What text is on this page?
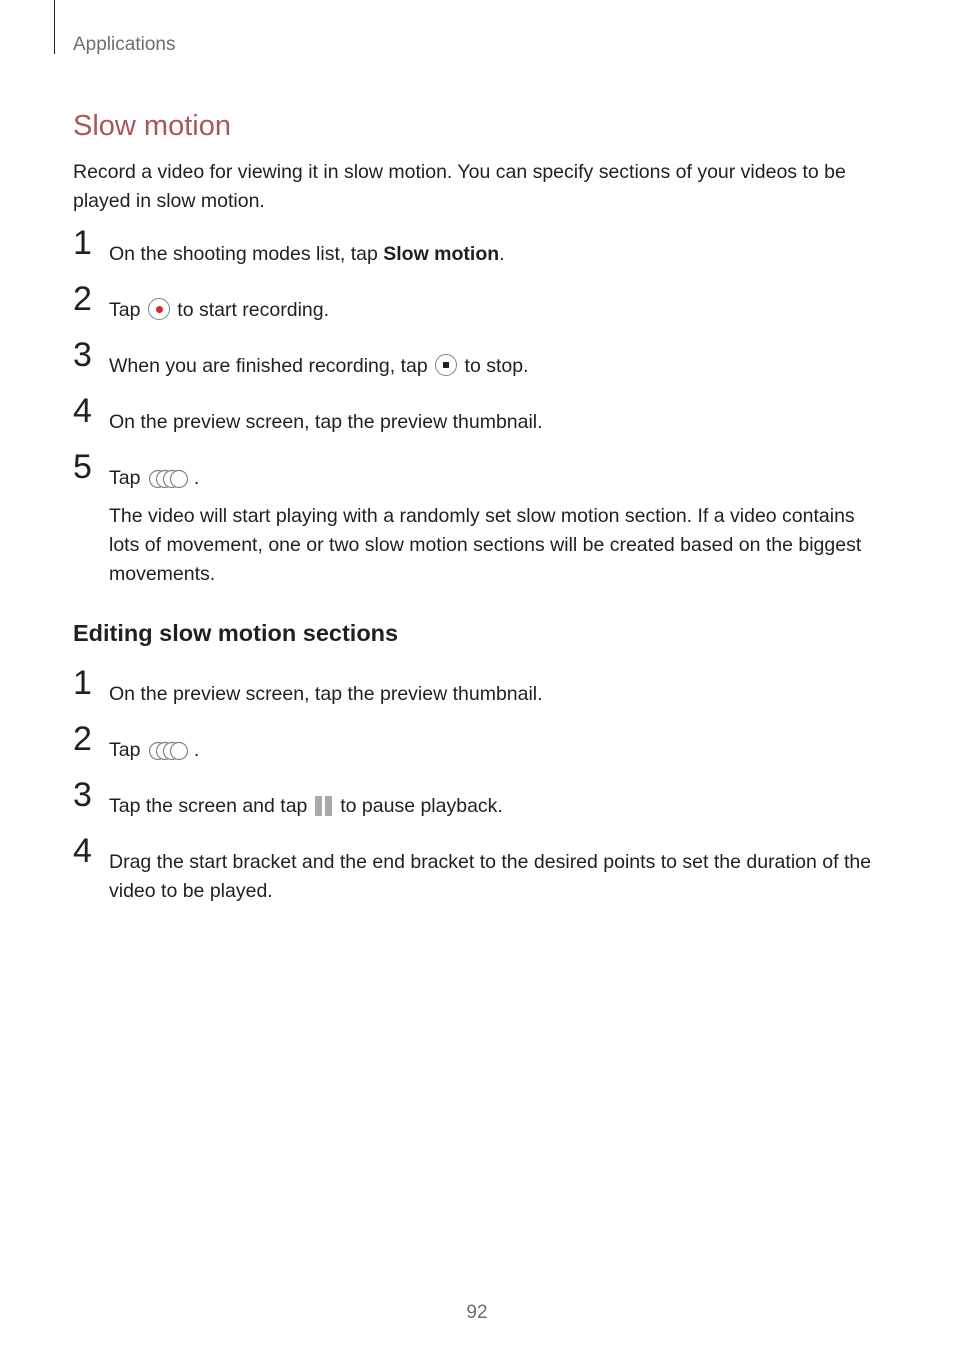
Applications
Slow motion

Record a video for viewing it in slow motion. You can specify sections of your videos to be played in slow motion.

1 On the shooting modes list, tap Slow motion.
2 Tap  to start recording.
3 When you are finished recording, tap  to stop.
4 On the preview screen, tap the preview thumbnail.
5 Tap .
The video will start playing with a randomly set slow motion section. If a video contains lots of movement, one or two slow motion sections will be created based on the biggest movements.
Editing slow motion sections
1 On the preview screen, tap the preview thumbnail.
2 Tap .
3 Tap the screen and tap  to pause playback.
4 Drag the start bracket and the end bracket to the desired points to set the duration of the video to be played.
92
